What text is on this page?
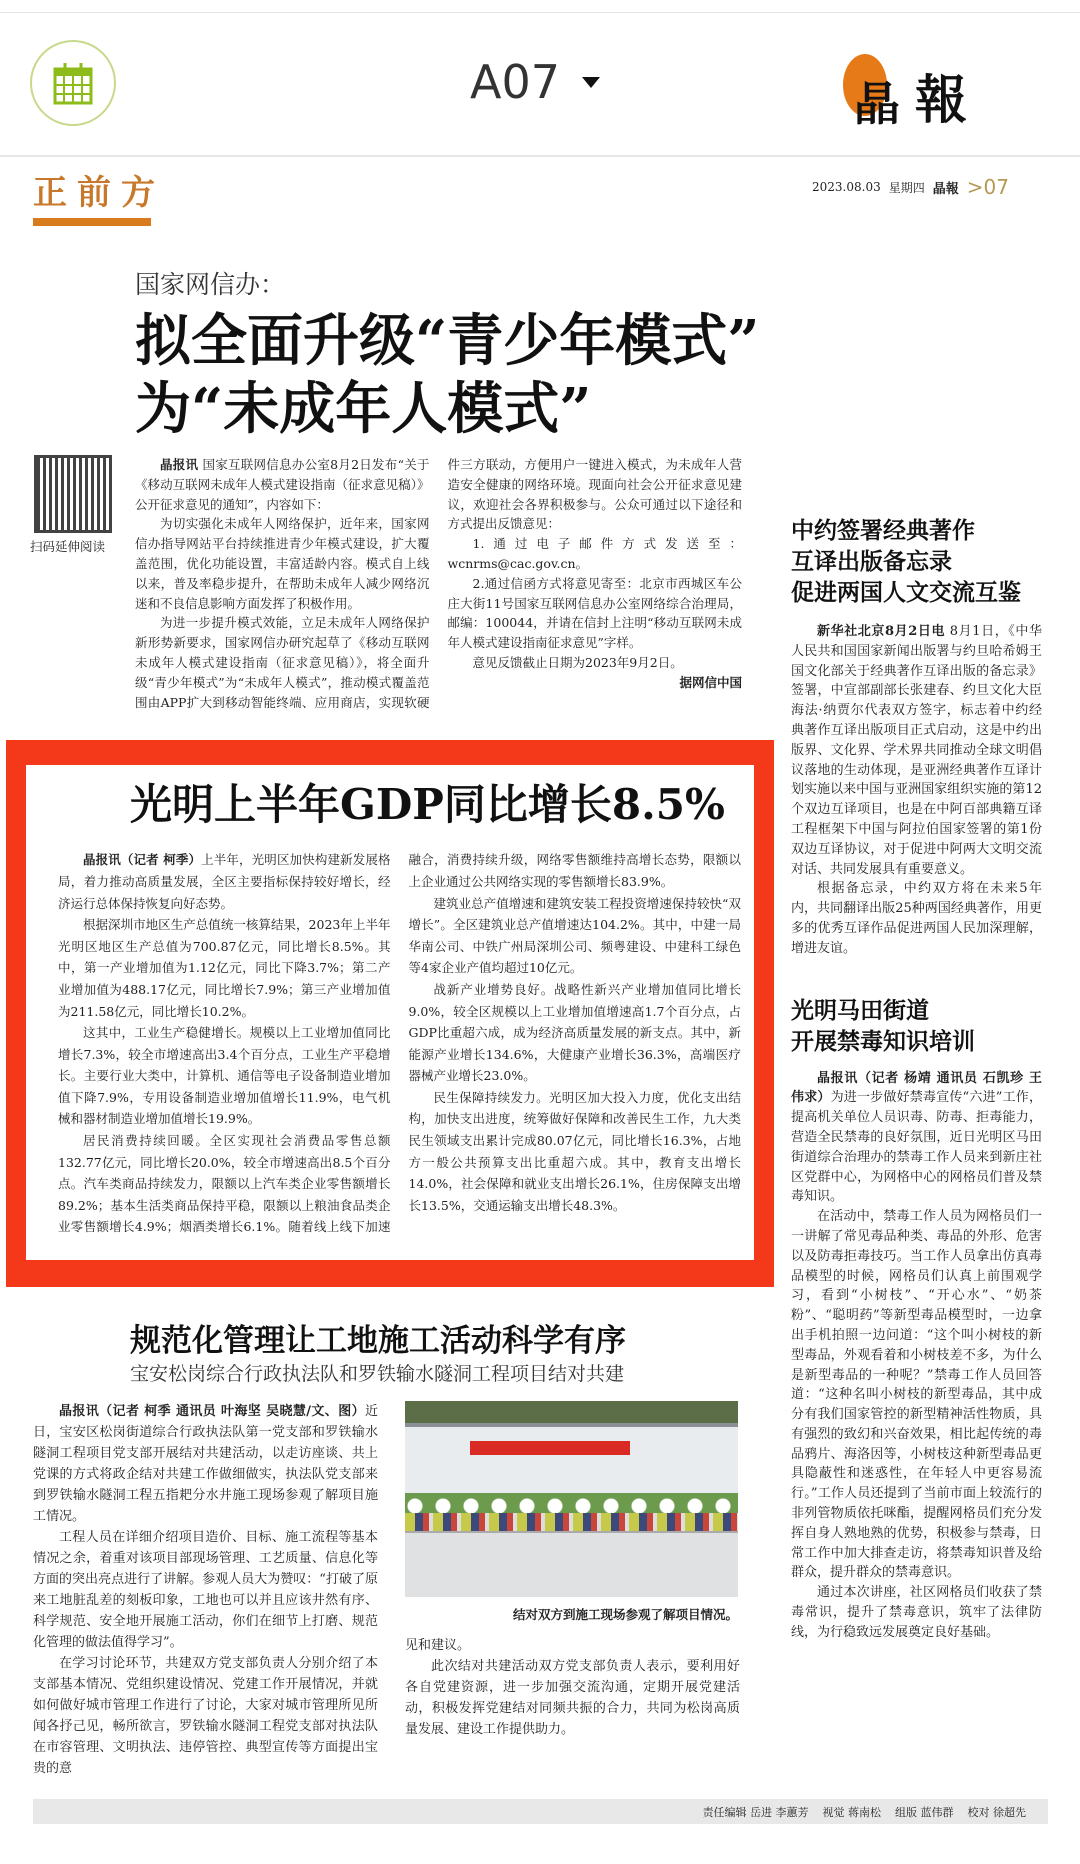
A07	晶 報
正前方	2023.08.03 星期四 晶報 >07
国家网信办：
拟全面升级“青少年模式”
为“未成年人模式”
扫码延伸阅读

晶报讯 国家互联网信息办公室8月2日发布“关于《移动互联网未成年人模式建设指南（征求意见稿）》公开征求意见的通知”，内容如下：

为切实强化未成年人网络保护，近年来，国家网信办指导网站平台持续推进青少年模式建设，扩大覆盖范围，优化功能设置，丰富适龄内容。模式自上线以来，普及率稳步提升，在帮助未成年人减少网络沉迷和不良信息影响方面发挥了积极作用。

为进一步提升模式效能，立足未成年人网络保护新形势新要求，国家网信办研究起草了《移动互联网未成年人模式建设指南（征求意见稿）》，将全面升级“青少年模式”为“未成年人模式”，推动模式覆盖范围由APP扩大到移动智能终端、应用商店，实现软硬件三方联动，方便用户一键进入模式，为未成年人营造安全健康的网络环境。现面向社会公开征求意见建议，欢迎社会各界积极参与。公众可通过以下途径和方式提出反馈意见：

1.通过电子邮件方式发送至：wcnrms@cac.gov.cn。

2.通过信函方式将意见寄至：北京市西城区车公庄大街11号国家互联网信息办公室网络综合治理局，邮编：100044，并请在信封上注明“移动互联网未成年人模式建设指南征求意见”字样。

意见反馈截止日期为2023年9月2日。

据网信中国

光明上半年GDP同比增长8.5%

晶报讯（记者 柯季）上半年，光明区加快构建新发展格局，着力推动高质量发展，全区主要指标保持较好增长，经济运行总体保持恢复向好态势。

根据深圳市地区生产总值统一核算结果，2023年上半年光明区地区生产总值为700.87亿元，同比增长8.5%。其中，第一产业增加值为1.12亿元，同比下降3.7%；第二产业增加值为488.17亿元，同比增长7.9%；第三产业增加值为211.58亿元，同比增长10.2%。

这其中，工业生产稳健增长。规模以上工业增加值同比增长7.3%，较全市增速高出3.4个百分点，工业生产平稳增长。主要行业大类中，计算机、通信等电子设备制造业增加值下降7.9%，专用设备制造业增加值增长11.9%，电气机械和器材制造业增加值增长19.9%。

居民消费持续回暖。全区实现社会消费品零售总额132.77亿元，同比增长20.0%，较全市增速高出8.5个百分点。汽车类商品持续发力，限额以上汽车类企业零售额增长89.2%；基本生活类商品保持平稳，限额以上粮油食品类企业零售额增长4.9%；烟酒类增长6.1%。随着线上线下加速融合，消费持续升级，网络零售额维持高增长态势，限额以上企业通过公共网络实现的零售额增长83.9%。

建筑业总产值增速和建筑安装工程投资增速保持较快“双增长”。全区建筑业总产值增速达104.2%。其中，中建一局华南公司、中铁广州局深圳公司、频粤建设、中建科工绿色等4家企业产值均超过10亿元。

战新产业增势良好。战略性新兴产业增加值同比增长9.0%，较全区规模以上工业增加值增速高1.7个百分点，占GDP比重超六成，成为经济高质量发展的新支点。其中，新能源产业增长134.6%，大健康产业增长36.3%，高端医疗器械产业增长23.0%。

民生保障持续发力。光明区加大投入力度，优化支出结构，加快支出进度，统筹做好保障和改善民生工作，九大类民生领域支出累计完成80.07亿元，同比增长16.3%，占地方一般公共预算支出比重超六成。其中，教育支出增长14.0%，社会保障和就业支出增长26.1%，住房保障支出增长13.5%，交通运输支出增长48.3%。

规范化管理让工地施工活动科学有序
宝安松岗综合行政执法队和罗铁输水隧洞工程项目结对共建

晶报讯（记者 柯季 通讯员 叶海坚 吴晓慧/文、图）近日，宝安区松岗街道综合行政执法队第一党支部和罗铁输水隧洞工程项目党支部开展结对共建活动，以走访座谈、共上党课的方式将政企结对共建工作做细做实，执法队党支部来到罗铁输水隧洞工程五指耙分水井施工现场参观了解项目施工情况。

工程人员在详细介绍项目造价、目标、施工流程等基本情况之余，着重对该项目部现场管理、工艺质量、信息化等方面的突出亮点进行了讲解。参观人员大为赞叹：“打破了原来工地脏乱差的刻板印象，工地也可以并且应该井然有序、科学规范、安全地开展施工活动，你们在细节上打磨、规范化管理的做法值得学习”。

在学习讨论环节，共建双方党支部负责人分别介绍了本支部基本情况、党组织建设情况、党建工作开展情况，并就如何做好城市管理工作进行了讨论，大家对城市管理所见所闻各抒己见，畅所欲言，罗铁输水隧洞工程党支部对执法队在市容管理、文明执法、违停管控、典型宣传等方面提出宝贵的意

结对双方到施工现场参观了解项目情况。

见和建议。

此次结对共建活动双方党支部负责人表示，要利用好各自党建资源，进一步加强交流沟通，定期开展党建活动，积极发挥党建结对同频共振的合力，共同为松岗高质量发展、建设工作提供助力。

中约签署经典著作
互译出版备忘录
促进两国人文交流互鉴

新华社北京8月2日电 8月1日，《中华人民共和国国家新闻出版署与约旦哈希姆王国文化部关于经典著作互译出版的备忘录》签署，中宣部副部长张建春、约旦文化大臣海法·纳贾尔代表双方签字，标志着中约经典著作互译出版项目正式启动，这是中约出版界、文化界、学术界共同推动全球文明倡议落地的生动体现，是亚洲经典著作互译计划实施以来中国与亚洲国家组织实施的第12个双边互译项目，也是在中阿百部典籍互译工程框架下中国与阿拉伯国家签署的第1份双边互译协议，对于促进中阿两大文明交流对话、共同发展具有重要意义。

根据备忘录，中约双方将在未来5年内，共同翻译出版25种两国经典著作，用更多的优秀互译作品促进两国人民加深理解，增进友谊。

光明马田街道
开展禁毒知识培训

晶报讯（记者 杨靖 通讯员 石凯珍 王伟求）为进一步做好禁毒宣传“六进”工作，提高机关单位人员识毒、防毒、拒毒能力，营造全民禁毒的良好氛围，近日光明区马田街道综合治理办的禁毒工作人员来到新庄社区党群中心，为网格中心的网格员们普及禁毒知识。

在活动中，禁毒工作人员为网格员们一一讲解了常见毒品种类、毒品的外形、危害以及防毒拒毒技巧。当工作人员拿出仿真毒品模型的时候，网格员们认真上前围观学习，看到“小树枝”、“开心水”、“奶茶粉”、“聪明药”等新型毒品模型时，一边拿出手机拍照一边问道：“这个叫小树枝的新型毒品，外观看着和小树枝差不多，为什么是新型毒品的一种呢？”禁毒工作人员回答道：“这种名叫小树枝的新型毒品，其中成分有我们国家管控的新型精神活性物质，具有强烈的致幻和兴奋效果，相比起传统的毒品鸦片、海洛因等，小树枝这种新型毒品更具隐蔽性和迷惑性，在年轻人中更容易流行。”工作人员还提到了当前市面上较流行的非列管物质依托咪酯，提醒网格员们充分发挥自身人熟地熟的优势，积极参与禁毒，日常工作中加大排查走访，将禁毒知识普及给群众，提升群众的禁毒意识。

通过本次讲座，社区网格员们收获了禁毒常识，提升了禁毒意识，筑牢了法律防线，为行稳致远发展奠定良好基础。

责任编辑 岳进 李蕙芳 视觉 蒋南松 组版 蓝伟群 校对 徐超先
